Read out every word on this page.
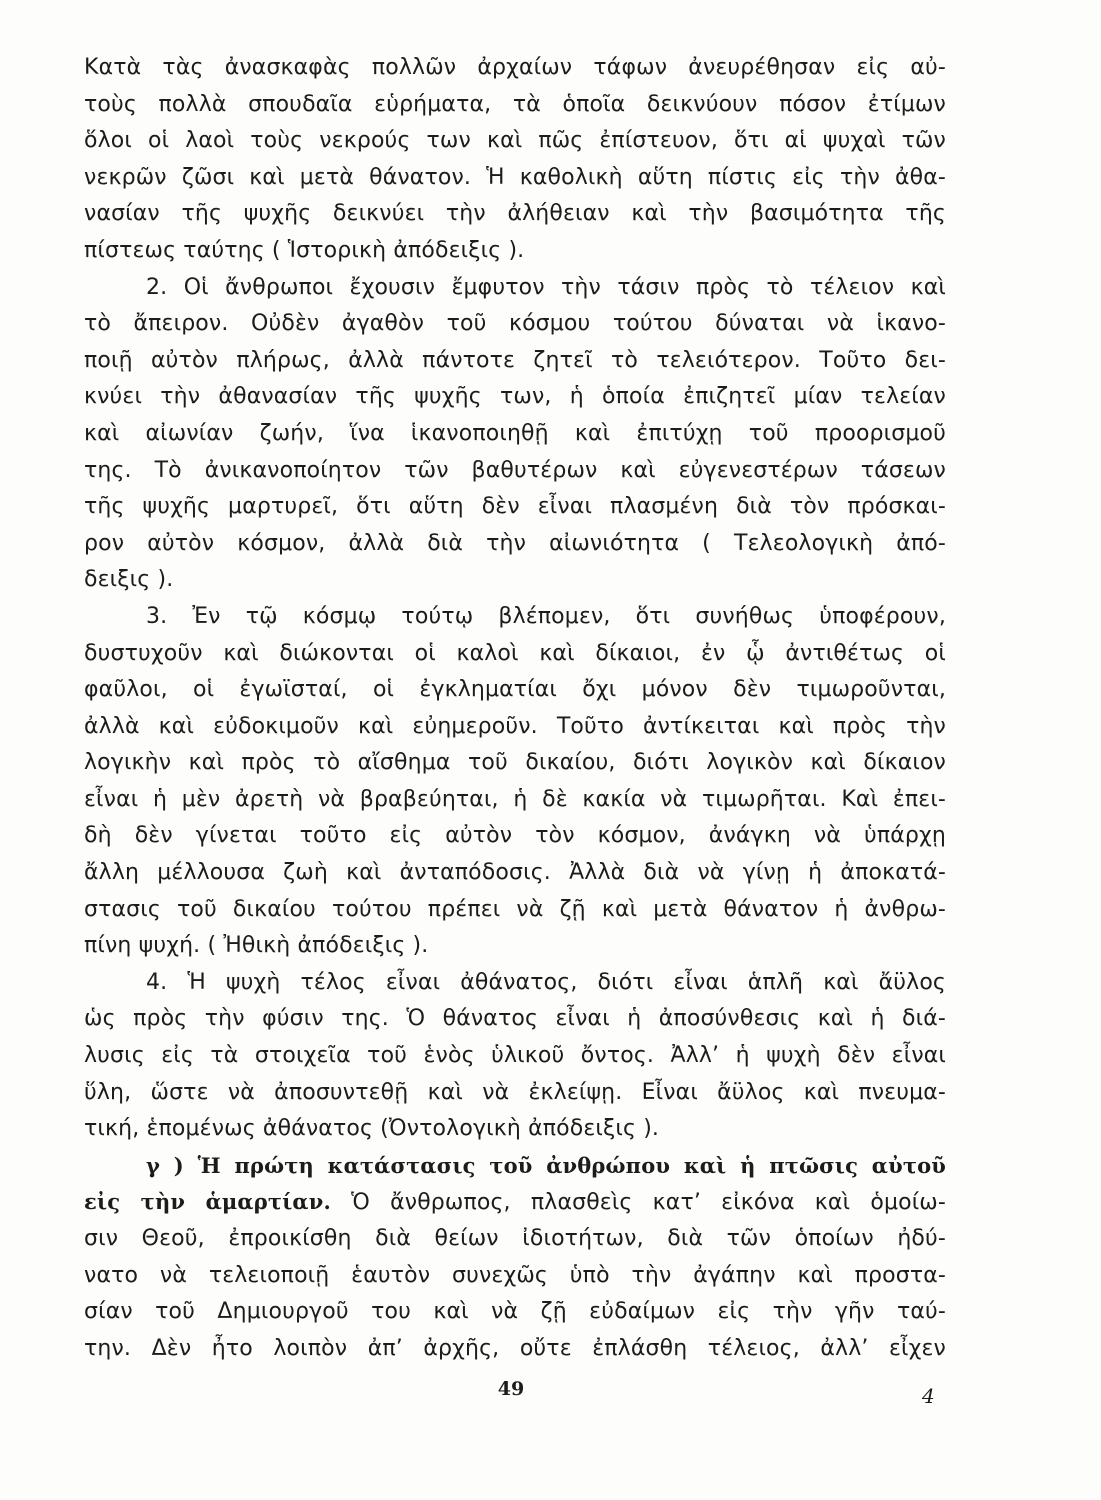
Κατὰ τὰς ἀνασκαφὰς πολλῶν ἀρχαίων τάφων ἀνευρέθησαν εἰς αὐ-
τοὺς πολλὰ σπουδαῖα εὑρήματα, τὰ ὁποῖα δεικνύουν πόσον ἐτίμων
ὅλοι οἱ λαοὶ τοὺς νεκρούς των καὶ πῶς ἐπίστευον, ὅτι αἱ ψυχαὶ τῶν
νεκρῶν ζῶσι καὶ μετὰ θάνατον. Ἡ καθολικὴ αὕτη πίστις εἰς τὴν ἀθα-
νασίαν τῆς ψυχῆς δεικνύει τὴν ἀλήθειαν καὶ τὴν βασιμότητα τῆς
πίστεως ταύτης ( Ἱστορικὴ ἀπόδειξις ).
2. Οἱ ἄνθρωποι ἔχουσιν ἔμφυτον τὴν τάσιν πρὸς τὸ τέλειον καὶ
τὸ ἄπειρον. Οὐδὲν ἀγαθὸν τοῦ κόσμου τούτου δύναται νὰ ἱκανο-
ποιῇ αὐτὸν πλήρως, ἀλλὰ πάντοτε ζητεῖ τὸ τελειότερον. Τοῦτο δει-
κνύει τὴν ἀθανασίαν τῆς ψυχῆς των, ἡ ὁποία ἐπιζητεῖ μίαν τελείαν
καὶ αἰωνίαν ζωήν, ἵνα ἱκανοποιηθῇ καὶ ἐπιτύχῃ τοῦ προορισμοῦ
της. Τὸ ἀνικανοποίητον τῶν βαθυτέρων καὶ εὐγενεστέρων τάσεων
τῆς ψυχῆς μαρτυρεῖ, ὅτι αὕτη δὲν εἶναι πλασμένη διὰ τὸν πρόσκαι-
ρον αὐτὸν κόσμον, ἀλλὰ διὰ τὴν αἰωνιότητα ( Τελεολογικὴ ἀπό-
δειξις ).
3. Ἐν τῷ κόσμῳ τούτῳ βλέπομεν, ὅτι συνήθως ὑποφέρουν,
δυστυχοῦν καὶ διώκονται οἱ καλοὶ καὶ δίκαιοι, ἐν ᾧ ἀντιθέτως οἱ
φαῦλοι, οἱ ἐγωϊσταί, οἱ ἐγκληματίαι ὄχι μόνον δὲν τιμωροῦνται,
ἀλλὰ καὶ εὐδοκιμοῦν καὶ εὐημεροῦν. Τοῦτο ἀντίκειται καὶ πρὸς τὴν
λογικὴν καὶ πρὸς τὸ αἴσθημα τοῦ δικαίου, διότι λογικὸν καὶ δίκαιον
εἶναι ἡ μὲν ἀρετὴ νὰ βραβεύηται, ἡ δὲ κακία νὰ τιμωρῆται. Καὶ ἐπει-
δὴ δὲν γίνεται τοῦτο εἰς αὐτὸν τὸν κόσμον, ἀνάγκη νὰ ὑπάρχῃ
ἄλλη μέλλουσα ζωὴ καὶ ἀνταπόδοσις. Ἀλλὰ διὰ νὰ γίνῃ ἡ ἀποκατά-
στασις τοῦ δικαίου τούτου πρέπει νὰ ζῇ καὶ μετὰ θάνατον ἡ ἀνθρω-
πίνη ψυχή. ( Ἠθικὴ ἀπόδειξις ).
4. Ἡ ψυχὴ τέλος εἶναι ἀθάνατος, διότι εἶναι ἁπλῆ καὶ ἄϋλος
ὡς πρὸς τὴν φύσιν της. Ὁ θάνατος εἶναι ἡ ἀποσύνθεσις καὶ ἡ διά-
λυσις εἰς τὰ στοιχεῖα τοῦ ἑνὸς ὑλικοῦ ὄντος. Ἀλλ’ ἡ ψυχὴ δὲν εἶναι
ὕλη, ὥστε νὰ ἀποσυντεθῇ καὶ νὰ ἐκλείψῃ. Εἶναι ἄϋλος καὶ πνευμα-
τική, ἑπομένως ἀθάνατος (Ὀντολογικὴ ἀπόδειξις ).
γ ) Ἡ πρώτη κατάστασις τοῦ ἀνθρώπου καὶ ἡ πτῶσις αὐτοῦ
εἰς τὴν ἁμαρτίαν. Ὁ ἄνθρωπος, πλασθεὶς κατ’ εἰκόνα καὶ ὁμοίω-
σιν Θεοῦ, ἐπροικίσθη διὰ θείων ἰδιοτήτων, διὰ τῶν ὁποίων ἠδύ-
νατο νὰ τελειοποιῇ ἑαυτὸν συνεχῶς ὑπὸ τὴν ἀγάπην καὶ προστα-
σίαν τοῦ Δημιουργοῦ του καὶ νὰ ζῇ εὐδαίμων εἰς τὴν γῆν ταύ-
την. Δὲν ἦτο λοιπὸν ἀπ’ ἀρχῆς, οὔτε ἐπλάσθη τέλειος, ἀλλ’ εἶχεν
49	4
